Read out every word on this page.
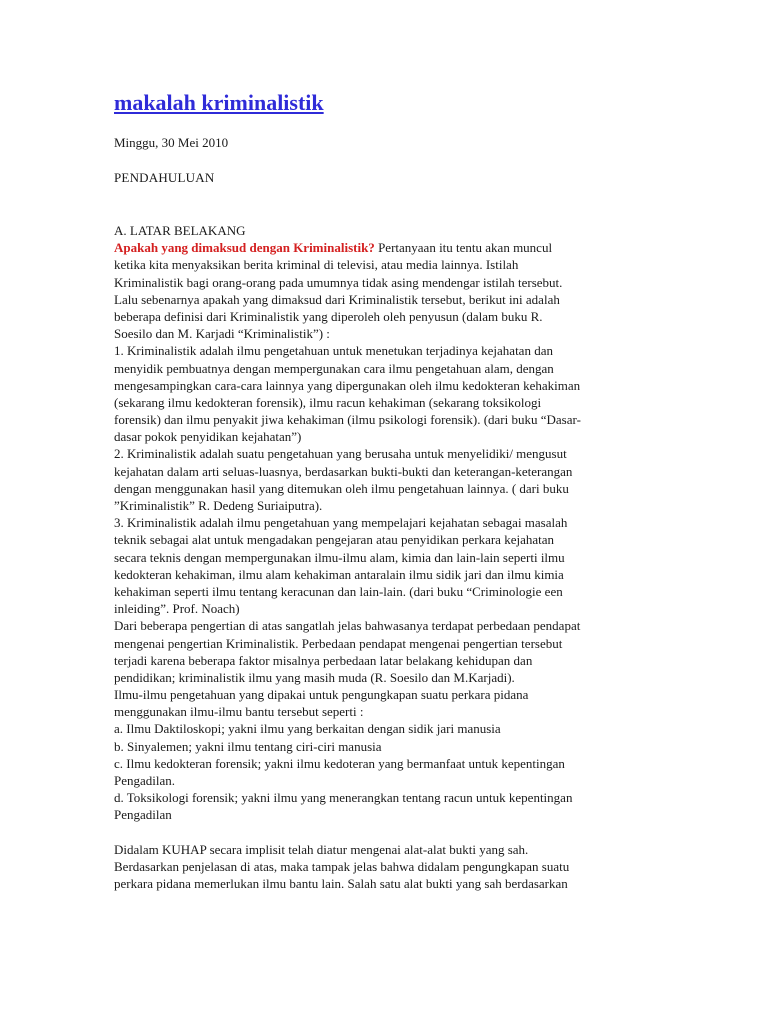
makalah kriminalistik
Minggu, 30 Mei 2010
PENDAHULUAN
A. LATAR BELAKANG
Apakah yang dimaksud dengan Kriminalistik? Pertanyaan itu tentu akan muncul
ketika kita menyaksikan berita kriminal di televisi, atau media lainnya. Istilah
Kriminalistik bagi orang-orang pada umumnya tidak asing mendengar istilah tersebut.
Lalu sebenarnya apakah yang dimaksud dari Kriminalistik tersebut, berikut ini adalah
beberapa definisi dari Kriminalistik yang diperoleh oleh penyusun (dalam buku R.
Soesilo dan M. Karjadi “Kriminalistik”) :
1. Kriminalistik adalah ilmu pengetahuan untuk menetukan terjadinya kejahatan dan
menyidik pembuatnya dengan mempergunakan cara ilmu pengetahuan alam, dengan
mengesampingkan cara-cara lainnya yang dipergunakan oleh ilmu kedokteran kehakiman
(sekarang ilmu kedokteran forensik), ilmu racun kehakiman (sekarang toksikologi
forensik) dan ilmu penyakit jiwa kehakiman (ilmu psikologi forensik). (dari buku “Dasar-
dasar pokok penyidikan kejahatan”)
2. Kriminalistik adalah suatu pengetahuan yang berusaha untuk menyelidiki/ mengusut
kejahatan dalam arti seluas-luasnya, berdasarkan bukti-bukti dan keterangan-keterangan
dengan menggunakan hasil yang ditemukan oleh ilmu pengetahuan lainnya. ( dari buku
”Kriminalistik” R. Dedeng Suriaiputra).
3. Kriminalistik adalah ilmu pengetahuan yang mempelajari kejahatan sebagai masalah
teknik sebagai alat untuk mengadakan pengejaran atau penyidikan perkara kejahatan
secara teknis dengan mempergunakan ilmu-ilmu alam, kimia dan lain-lain seperti ilmu
kedokteran kehakiman, ilmu alam kehakiman antaralain ilmu sidik jari dan ilmu kimia
kehakiman seperti ilmu tentang keracunan dan lain-lain. (dari buku “Criminologie een
inleiding”. Prof. Noach)
Dari beberapa pengertian di atas sangatlah jelas bahwasanya terdapat perbedaan pendapat
mengenai pengertian Kriminalistik. Perbedaan pendapat mengenai pengertian tersebut
terjadi karena beberapa faktor misalnya perbedaan latar belakang kehidupan dan
pendidikan; kriminalistik ilmu yang masih muda (R. Soesilo dan M.Karjadi).
Ilmu-ilmu pengetahuan yang dipakai untuk pengungkapan suatu perkara pidana
menggunakan ilmu-ilmu bantu tersebut seperti :
a. Ilmu Daktiloskopi; yakni ilmu yang berkaitan dengan sidik jari manusia
b. Sinyalemen; yakni ilmu tentang ciri-ciri manusia
c. Ilmu kedokteran forensik; yakni ilmu kedoteran yang bermanfaat untuk kepentingan
Pengadilan.
d. Toksikologi forensik; yakni ilmu yang menerangkan tentang racun untuk kepentingan
Pengadilan
Didalam KUHAP secara implisit telah diatur mengenai alat-alat bukti yang sah.
Berdasarkan penjelasan di atas, maka tampak jelas bahwa didalam pengungkapan suatu
perkara pidana memerlukan ilmu bantu lain. Salah satu alat bukti yang sah berdasarkan
